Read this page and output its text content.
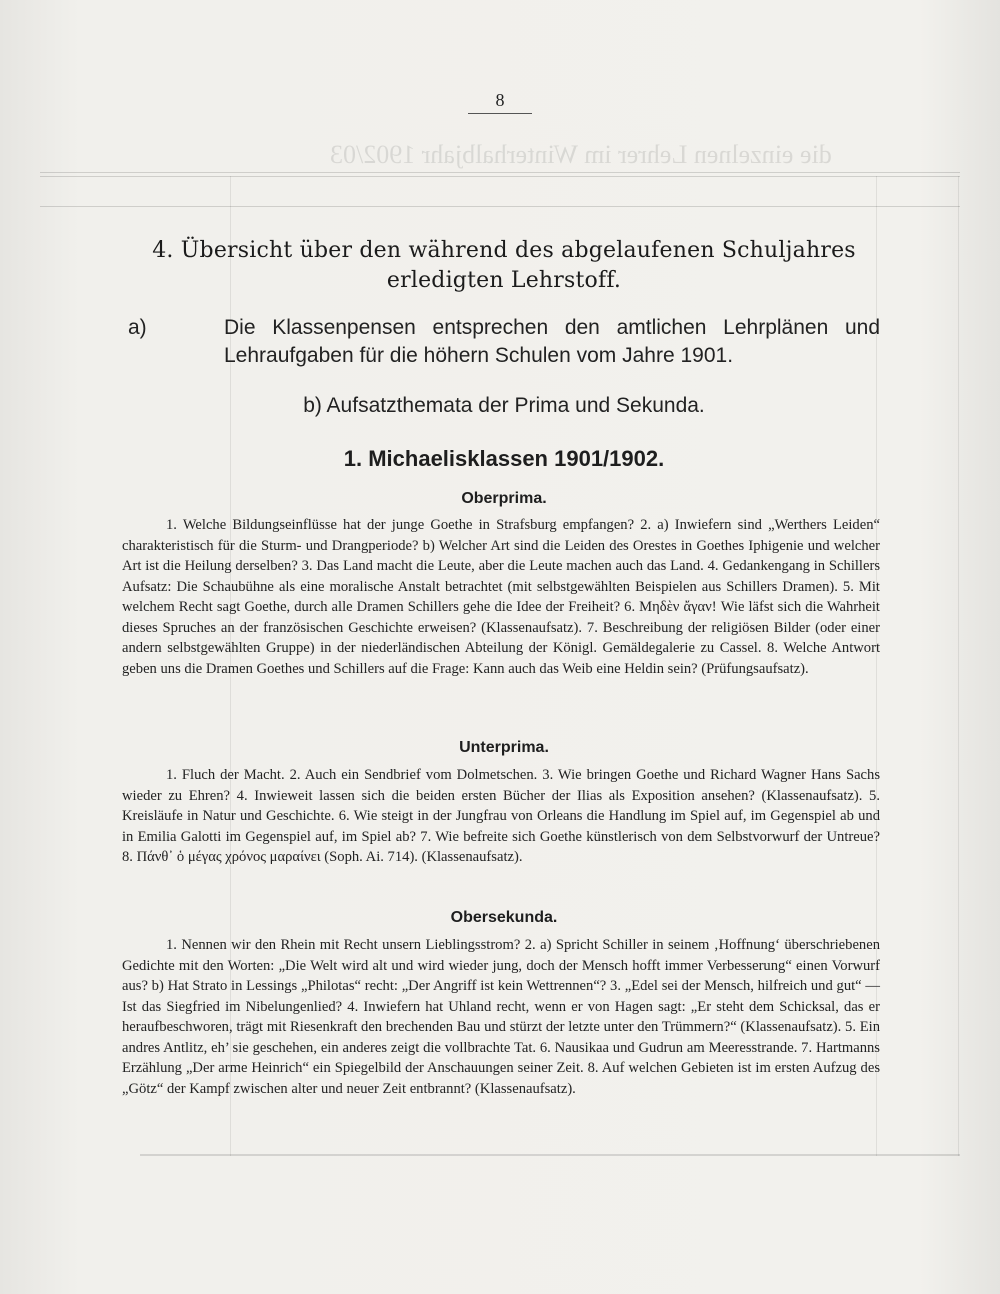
die einzelnen Lehrer im Winterhalbjahr 1902/03
8
4. Übersicht über den während des abgelaufenen Schuljahres erledigten Lehrstoff.
a)	Die Klassenpensen entsprechen den amtlichen Lehrplänen und Lehraufgaben für die höhern Schulen vom Jahre 1901.
b) Aufsatzthemata der Prima und Sekunda.
1. Michaelisklassen 1901/1902.
Oberprima.

1. Welche Bildungseinflüsse hat der junge Goethe in Strafsburg empfangen? 2. a) Inwiefern sind „Werthers Leiden“ charakteristisch für die Sturm- und Drangperiode? b) Welcher Art sind die Leiden des Orestes in Goethes Iphigenie und welcher Art ist die Heilung derselben? 3. Das Land macht die Leute, aber die Leute machen auch das Land. 4. Gedankengang in Schillers Aufsatz: Die Schaubühne als eine moralische Anstalt betrachtet (mit selbstgewählten Beispielen aus Schillers Dramen). 5. Mit welchem Recht sagt Goethe, durch alle Dramen Schillers gehe die Idee der Freiheit? 6. Μηδὲν ἄγαν! Wie läfst sich die Wahrheit dieses Spruches an der französischen Geschichte erweisen? (Klassenaufsatz). 7. Beschreibung der religiösen Bilder (oder einer andern selbstgewählten Gruppe) in der niederländischen Abteilung der Königl. Gemäldegalerie zu Cassel. 8. Welche Antwort geben uns die Dramen Goethes und Schillers auf die Frage: Kann auch das Weib eine Heldin sein? (Prüfungsaufsatz).

Unterprima.

1. Fluch der Macht. 2. Auch ein Sendbrief vom Dolmetschen. 3. Wie bringen Goethe und Richard Wagner Hans Sachs wieder zu Ehren? 4. Inwieweit lassen sich die beiden ersten Bücher der Ilias als Exposition ansehen? (Klassenaufsatz). 5. Kreisläufe in Natur und Geschichte. 6. Wie steigt in der Jungfrau von Orleans die Handlung im Spiel auf, im Gegenspiel ab und in Emilia Galotti im Gegenspiel auf, im Spiel ab? 7. Wie befreite sich Goethe künstlerisch von dem Selbstvorwurf der Untreue? 8. Πάνθ᾽ ὁ μέγας χρόνος μαραίνει (Soph. Ai. 714). (Klassenaufsatz).

Obersekunda.

1. Nennen wir den Rhein mit Recht unsern Lieblingsstrom? 2. a) Spricht Schiller in seinem ‚Hoffnung‘ überschriebenen Gedichte mit den Worten: „Die Welt wird alt und wird wieder jung, doch der Mensch hofft immer Verbesserung“ einen Vorwurf aus? b) Hat Strato in Lessings „Philotas“ recht: „Der Angriff ist kein Wettrennen“? 3. „Edel sei der Mensch, hilfreich und gut“ — Ist das Siegfried im Nibelungenlied? 4. Inwiefern hat Uhland recht, wenn er von Hagen sagt: „Er steht dem Schicksal, das er heraufbeschworen, trägt mit Riesenkraft den brechenden Bau und stürzt der letzte unter den Trümmern?“ (Klassenaufsatz). 5. Ein andres Antlitz, eh’ sie geschehen, ein anderes zeigt die vollbrachte Tat. 6. Nausikaa und Gudrun am Meeresstrande. 7. Hartmanns Erzählung „Der arme Heinrich“ ein Spiegelbild der Anschauungen seiner Zeit. 8. Auf welchen Gebieten ist im ersten Aufzug des „Götz“ der Kampf zwischen alter und neuer Zeit entbrannt? (Klassenaufsatz).
